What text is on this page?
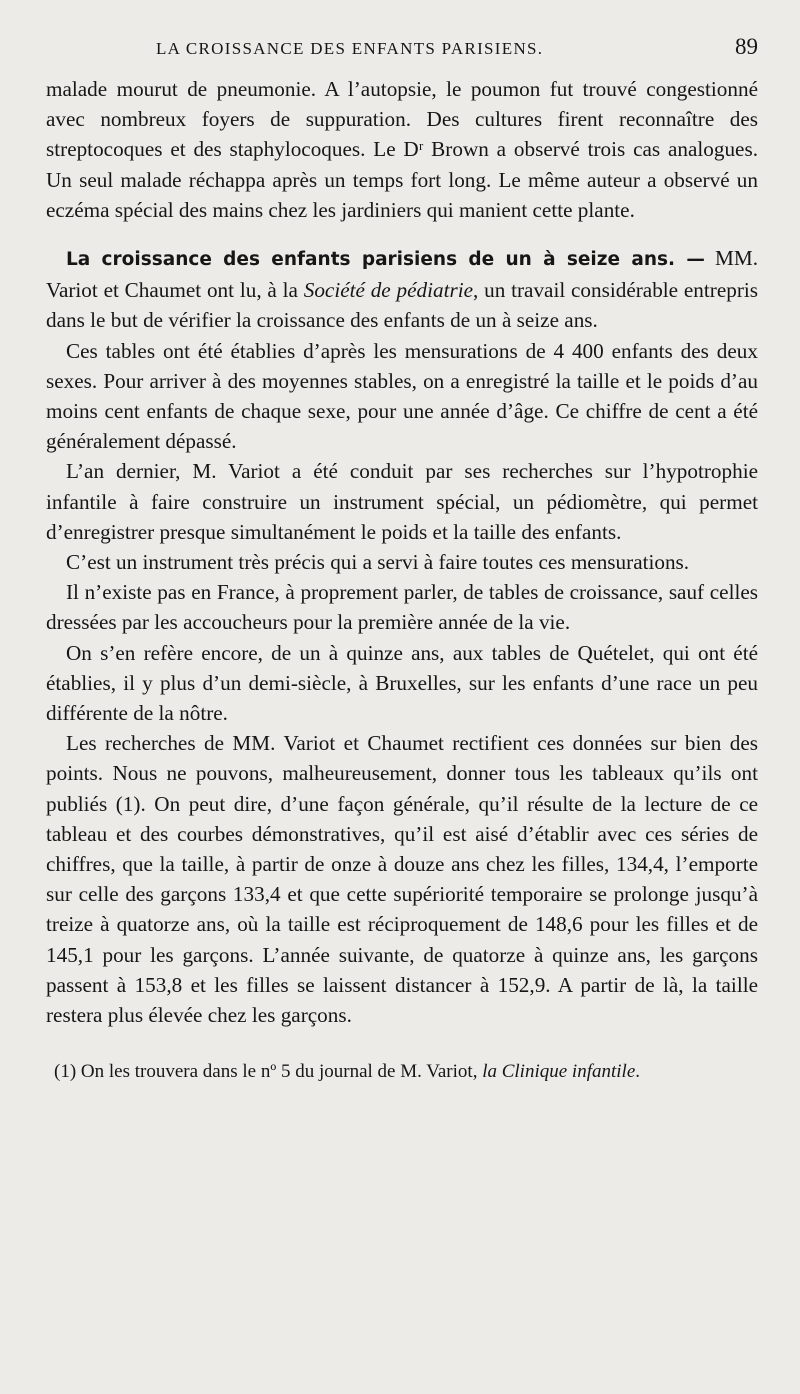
LA CROISSANCE DES ENFANTS PARISIENS.	89

malade mourut de pneumonie. A l’autopsie, le poumon fut trouvé congestionné avec nombreux foyers de suppuration. Des cultures firent reconnaître des streptocoques et des staphylocoques. Le Dʳ Brown a observé trois cas analogues. Un seul malade réchappa après un temps fort long. Le même auteur a observé un eczéma spécial des mains chez les jardiniers qui manient cette plante.

La croissance des enfants parisiens de un à seize ans. — MM. Variot et Chaumet ont lu, à la Société de pédiatrie, un travail considérable entrepris dans le but de vérifier la croissance des enfants de un à seize ans.

Ces tables ont été établies d’après les mensurations de 4 400 enfants des deux sexes. Pour arriver à des moyennes stables, on a enregistré la taille et le poids d’au moins cent enfants de chaque sexe, pour une année d’âge. Ce chiffre de cent a été généralement dépassé.

L’an dernier, M. Variot a été conduit par ses recherches sur l’hypotrophie infantile à faire construire un instrument spécial, un pédiomètre, qui permet d’enregistrer presque simultanément le poids et la taille des enfants.

C’est un instrument très précis qui a servi à faire toutes ces mensurations.

Il n’existe pas en France, à proprement parler, de tables de croissance, sauf celles dressées par les accoucheurs pour la première année de la vie.

On s’en refère encore, de un à quinze ans, aux tables de Quételet, qui ont été établies, il y plus d’un demi-siècle, à Bruxelles, sur les enfants d’une race un peu différente de la nôtre.

Les recherches de MM. Variot et Chaumet rectifient ces données sur bien des points. Nous ne pouvons, malheureusement, donner tous les tableaux qu’ils ont publiés (1). On peut dire, d’une façon générale, qu’il résulte de la lecture de ce tableau et des courbes démonstratives, qu’il est aisé d’établir avec ces séries de chiffres, que la taille, à partir de onze à douze ans chez les filles, 134,4, l’emporte sur celle des garçons 133,4 et que cette supériorité temporaire se prolonge jusqu’à treize à quatorze ans, où la taille est réciproquement de 148,6 pour les filles et de 145,1 pour les garçons. L’année suivante, de quatorze à quinze ans, les garçons passent à 153,8 et les filles se laissent distancer à 152,9. A partir de là, la taille restera plus élevée chez les garçons.

(1) On les trouvera dans le nº 5 du journal de M. Variot, la Clinique infantile.
